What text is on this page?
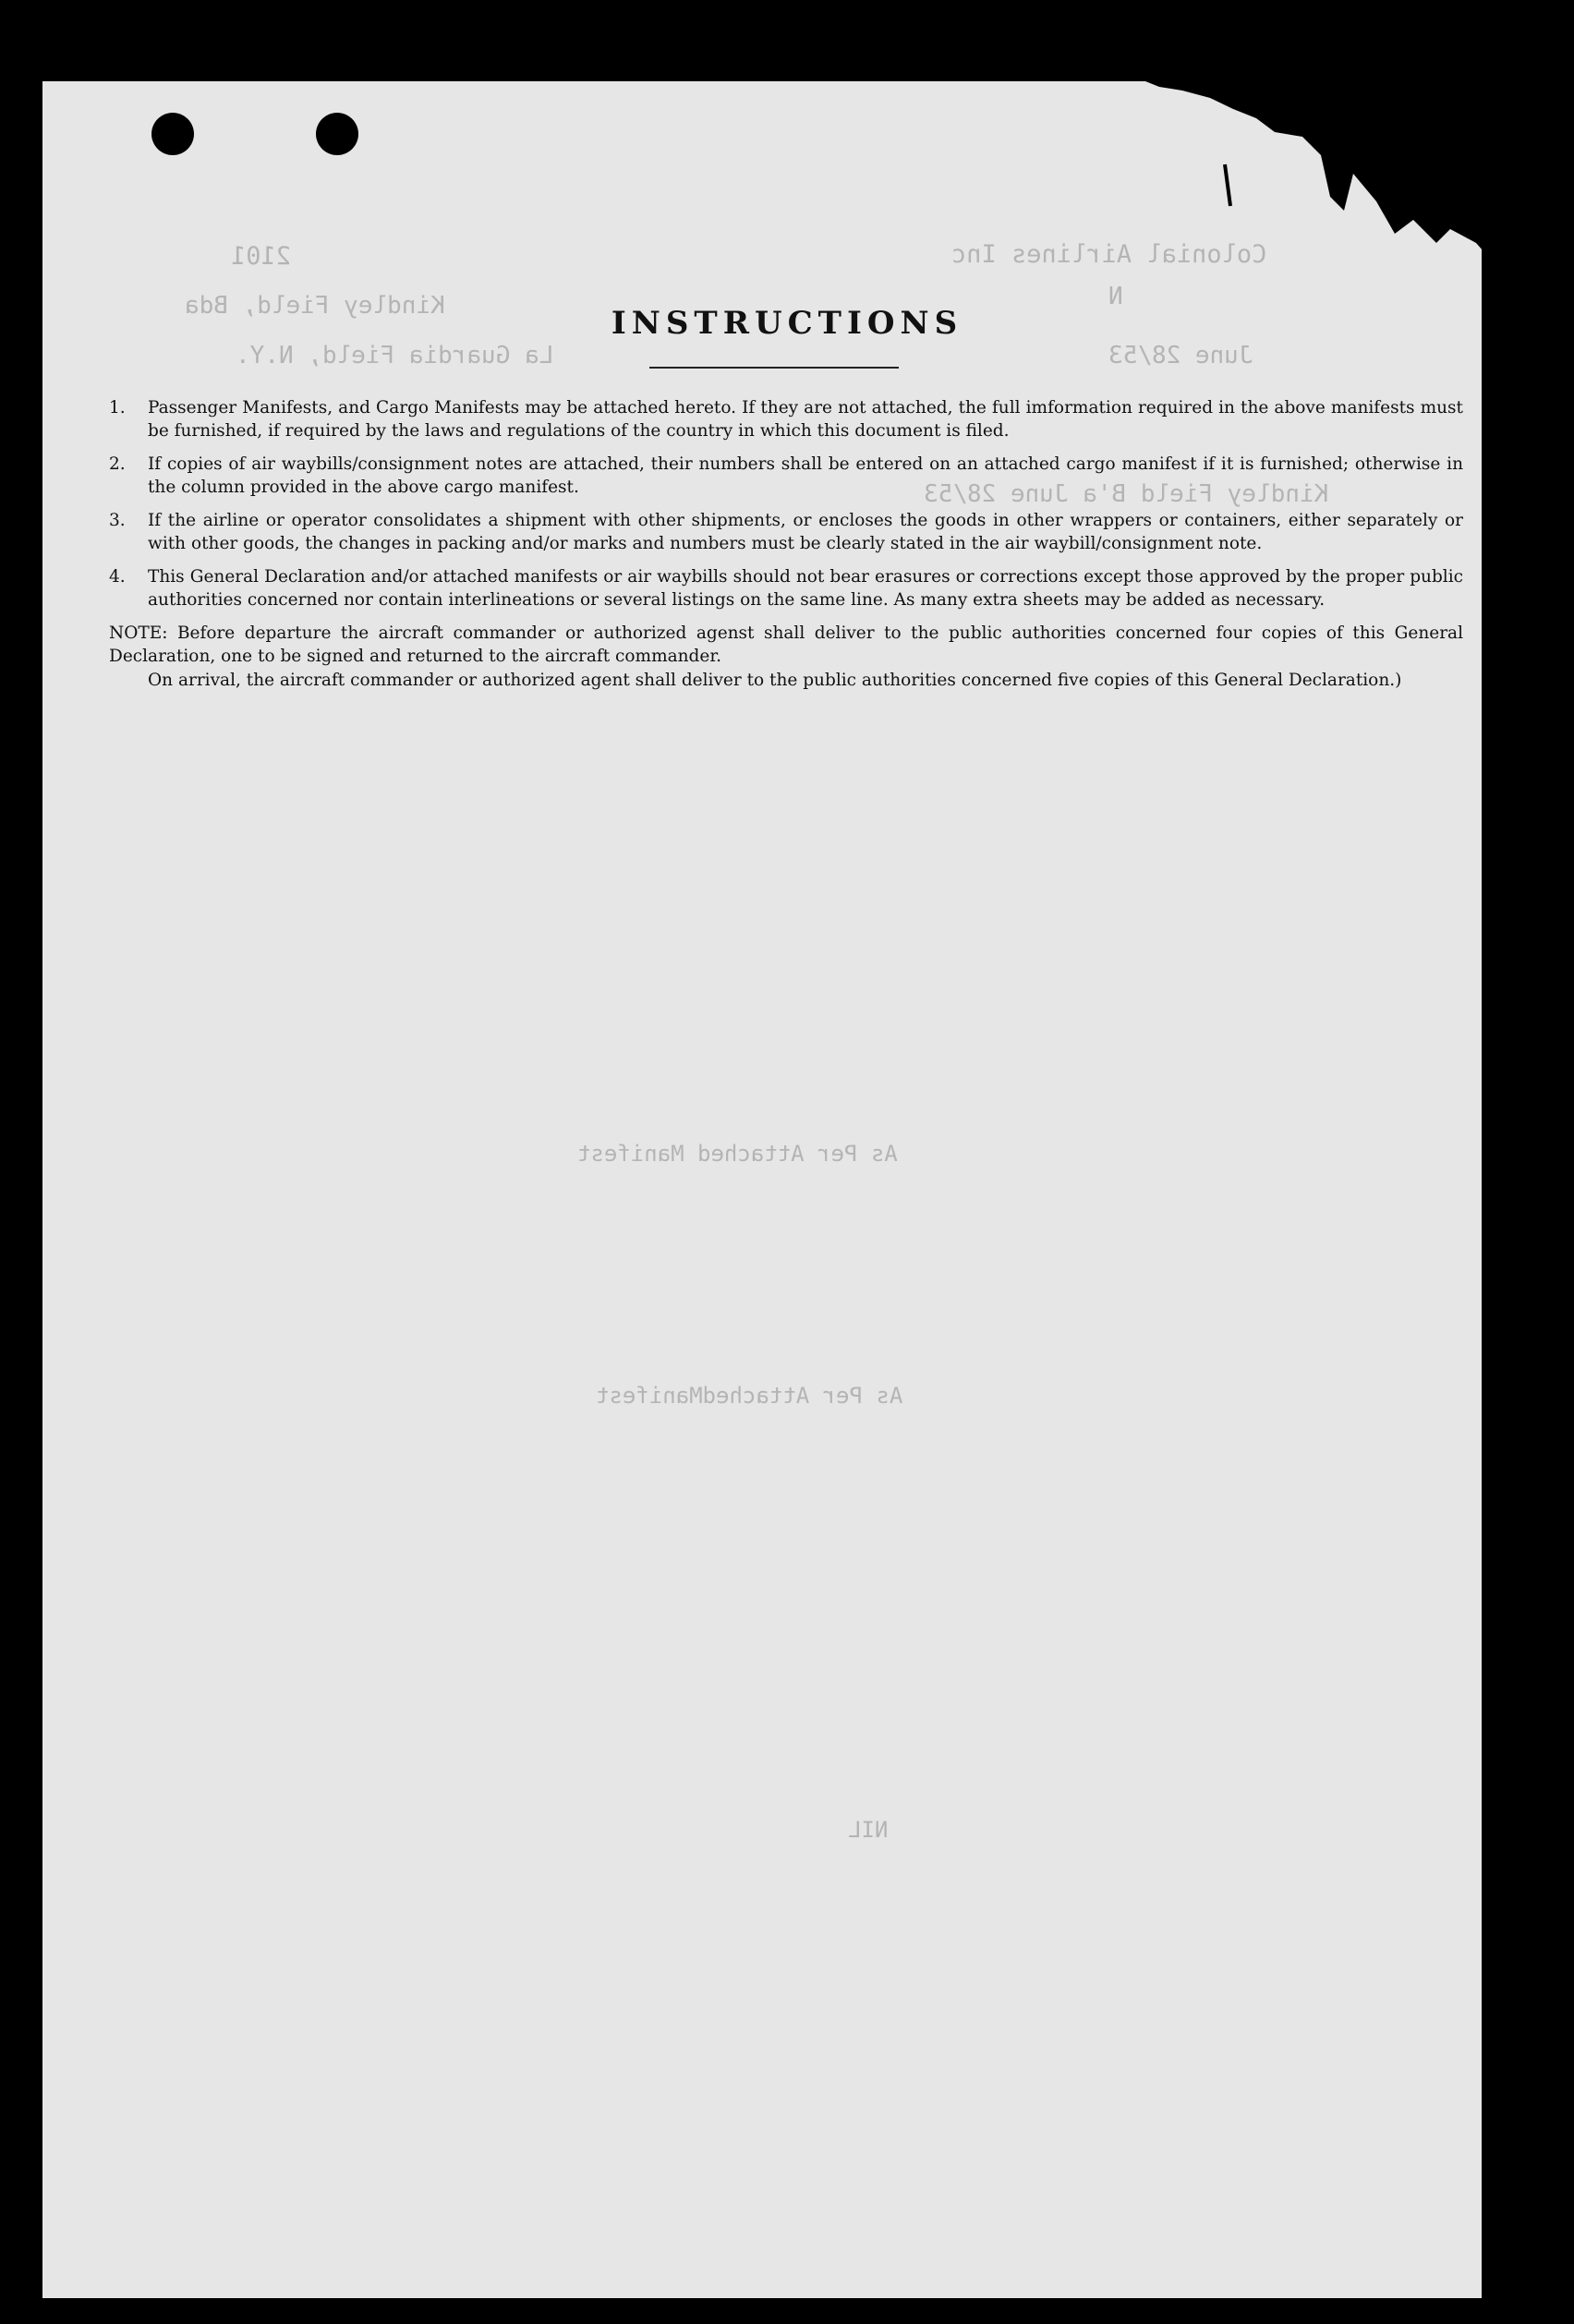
Colonial Airlines Inc
2101
N
Kindley Field, Bda
June 28/53
La Guardia Field, N.Y.
Kindley Field B'a June 28/53
As Per Attached Manifest
As Per AttachedManifest
NIL
INSTRUCTIONS
1.	Passenger Manifests, and Cargo Manifests may be attached hereto. If they are not attached, the full imformation required in the above manifests must be furnished, if required by the laws and regulations of the country in which this document is filed.
2.	If copies of air waybills/consignment notes are attached, their numbers shall be entered on an attached cargo manifest if it is furnished; otherwise in the column provided in the above cargo manifest.
3.	If the airline or operator consolidates a shipment with other shipments, or encloses the goods in other wrappers or containers, either separately or with other goods, the changes in packing and/or marks and numbers must be clearly stated in the air waybill/consignment note.
4.	This General Declaration and/or attached manifests or air waybills should not bear erasures or corrections except those approved by the proper public authorities concerned nor contain interlineations or several listings on the same line. As many extra sheets may be added as necessary.
NOTE: Before departure the aircraft commander or authorized agenst shall deliver to the public authorities concerned four copies of this General Declaration, one to be signed and returned to the aircraft commander.
On arrival, the aircraft commander or authorized agent shall deliver to the public authorities concerned five copies of this General Declaration.)
